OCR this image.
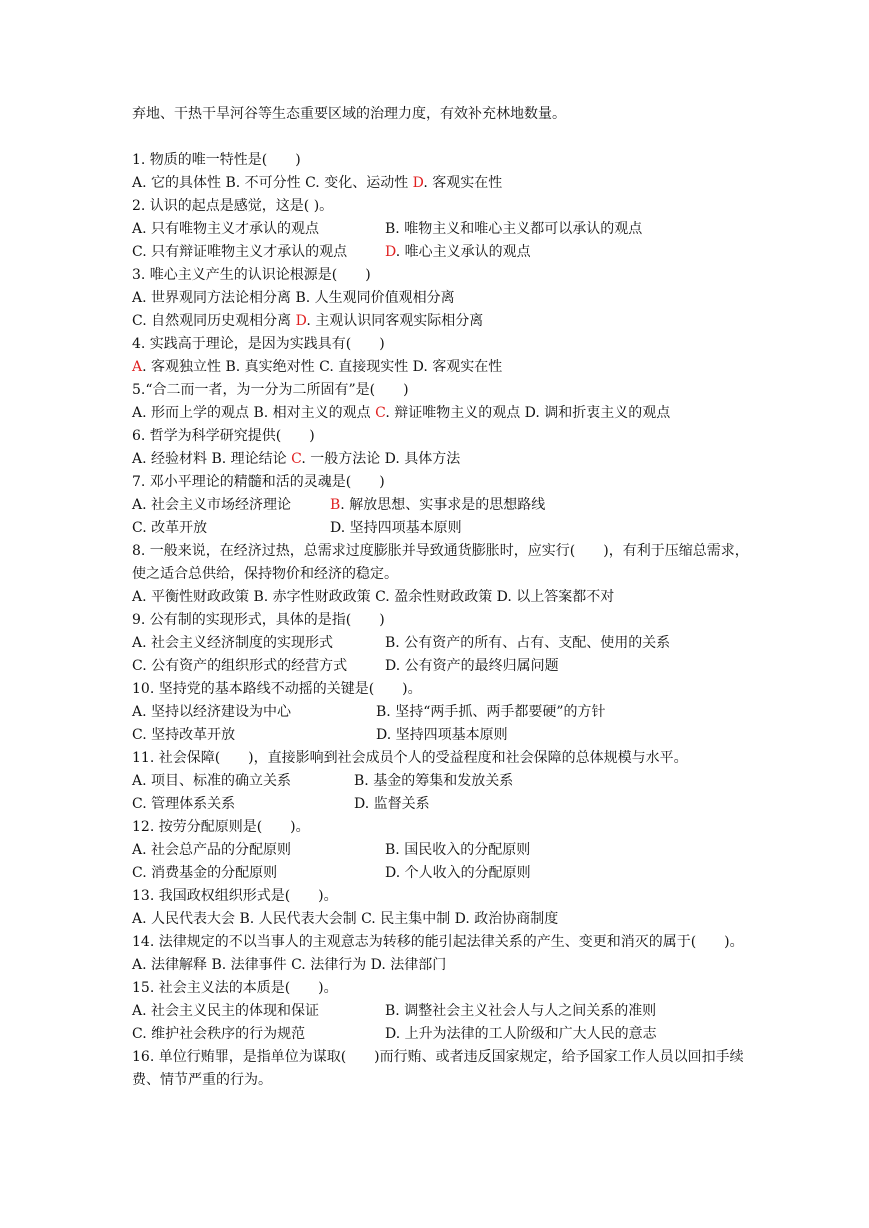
弃地、干热干旱河谷等生态重要区域的治理力度，有效补充林地数量。
1. 物质的唯一特性是(　　)
A. 它的具体性 B. 不可分性 C. 变化、运动性 D. 客观实在性
2. 认识的起点是感觉，这是( )。
A. 只有唯物主义才承认的观点	B. 唯物主义和唯心主义都可以承认的观点
C. 只有辩证唯物主义才承认的观点	D. 唯心主义承认的观点
3. 唯心主义产生的认识论根源是(　　)
A. 世界观同方法论相分离 B. 人生观同价值观相分离
C. 自然观同历史观相分离 D. 主观认识同客观实际相分离
4. 实践高于理论，是因为实践具有(　　)
A. 客观独立性 B. 真实绝对性 C. 直接现实性 D. 客观实在性
5.“合二而一者，为一分为二所固有”是(　　)
A. 形而上学的观点 B. 相对主义的观点 C. 辩证唯物主义的观点 D. 调和折衷主义的观点
6. 哲学为科学研究提供(　　)
A. 经验材料 B. 理论结论 C. 一般方法论 D. 具体方法
7. 邓小平理论的精髓和活的灵魂是(　　)
A. 社会主义市场经济理论	B. 解放思想、实事求是的思想路线
C. 改革开放	D. 坚持四项基本原则
8. 一般来说，在经济过热，总需求过度膨胀并导致通货膨胀时，应实行(　　)，有利于压缩总需求，使之适合总供给，保持物价和经济的稳定。
A. 平衡性财政政策 B. 赤字性财政政策 C. 盈余性财政政策 D. 以上答案都不对
9. 公有制的实现形式，具体的是指(　　)
A. 社会主义经济制度的实现形式	B. 公有资产的所有、占有、支配、使用的关系
C. 公有资产的组织形式的经营方式	D. 公有资产的最终归属问题
10. 坚持党的基本路线不动摇的关键是(　　)。
A. 坚持以经济建设为中心	B. 坚持“两手抓、两手都要硬”的方针
C. 坚持改革开放	D. 坚持四项基本原则
11. 社会保障(　　)，直接影响到社会成员个人的受益程度和社会保障的总体规模与水平。
A. 项目、标准的确立关系	B. 基金的筹集和发放关系
C. 管理体系关系	D. 监督关系
12. 按劳分配原则是(　　)。
A. 社会总产品的分配原则	B. 国民收入的分配原则
C. 消费基金的分配原则	D. 个人收入的分配原则
13. 我国政权组织形式是(　　)。
A. 人民代表大会 B. 人民代表大会制 C. 民主集中制 D. 政治协商制度
14. 法律规定的不以当事人的主观意志为转移的能引起法律关系的产生、变更和消灭的属于(　　)。
A. 法律解释 B. 法律事件 C. 法律行为 D. 法律部门
15. 社会主义法的本质是(　　)。
A. 社会主义民主的体现和保证	B. 调整社会主义社会人与人之间关系的准则
C. 维护社会秩序的行为规范	D. 上升为法律的工人阶级和广大人民的意志
16. 单位行贿罪，是指单位为谋取(　　)而行贿、或者违反国家规定，给予国家工作人员以回扣手续费、情节严重的行为。
